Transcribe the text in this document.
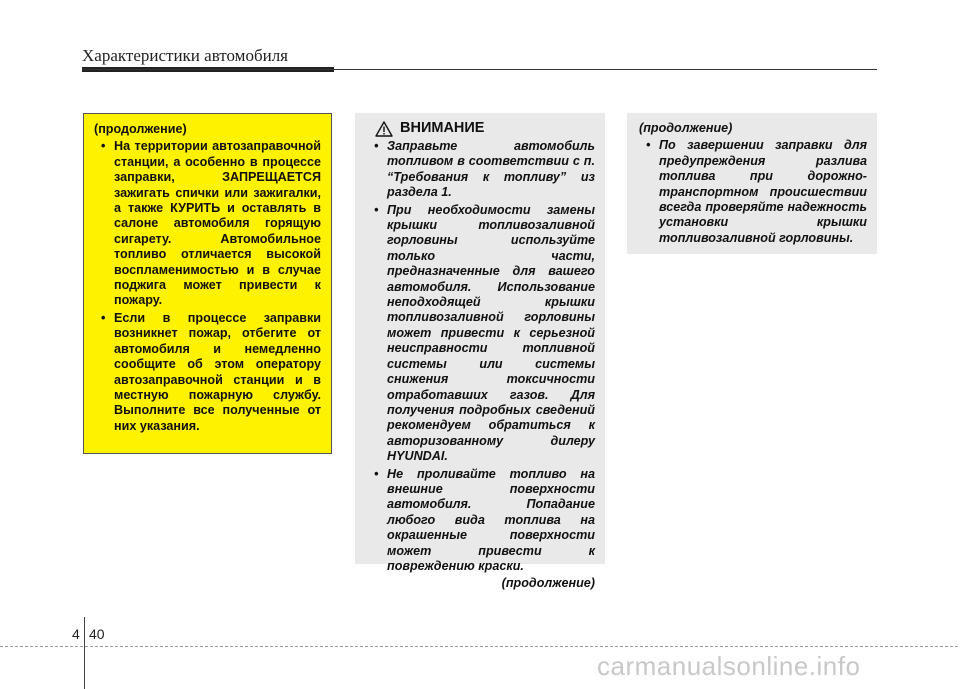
Характеристики автомобиля
(продолжение)
• На территории автозаправочной станции, а особенно в процессе заправки, ЗАПРЕЩАЕТСЯ зажигать спички или зажигалки, а также КУРИТЬ и оставлять в салоне автомобиля горящую сигарету. Автомобильное топливо отличается высокой воспламенимостью и в случае поджига может привести к пожару.
• Если в процессе заправки возникнет пожар, отбегите от автомобиля и немедленно сообщите об этом оператору автозаправочной станции и в местную пожарную службу. Выполните все полученные от них указания.
ВНИМАНИЕ
• Заправьте автомобиль топливом в соответствии с п. “Требования к топливу” из раздела 1.
• При необходимости замены крышки топливозаливной горловины используйте только части, предназначенные для вашего автомобиля. Использование неподходящей крышки топливозаливной горловины может привести к серьезной неисправности топливной системы или системы снижения токсичности отработавших газов. Для получения подробных сведений рекомендуем обратиться к авторизованному дилеру HYUNDAI.
• Не проливайте топливо на внешние поверхности автомобиля. Попадание любого вида топлива на окрашенные поверхности может привести к повреждению краски.
(продолжение)
(продолжение)
• По завершении заправки для предупреждения разлива топлива при дорожно-транспортном происшествии всегда проверяйте надежность установки крышки топливозаливной горловины.
4 40
carmanualsonline.info
